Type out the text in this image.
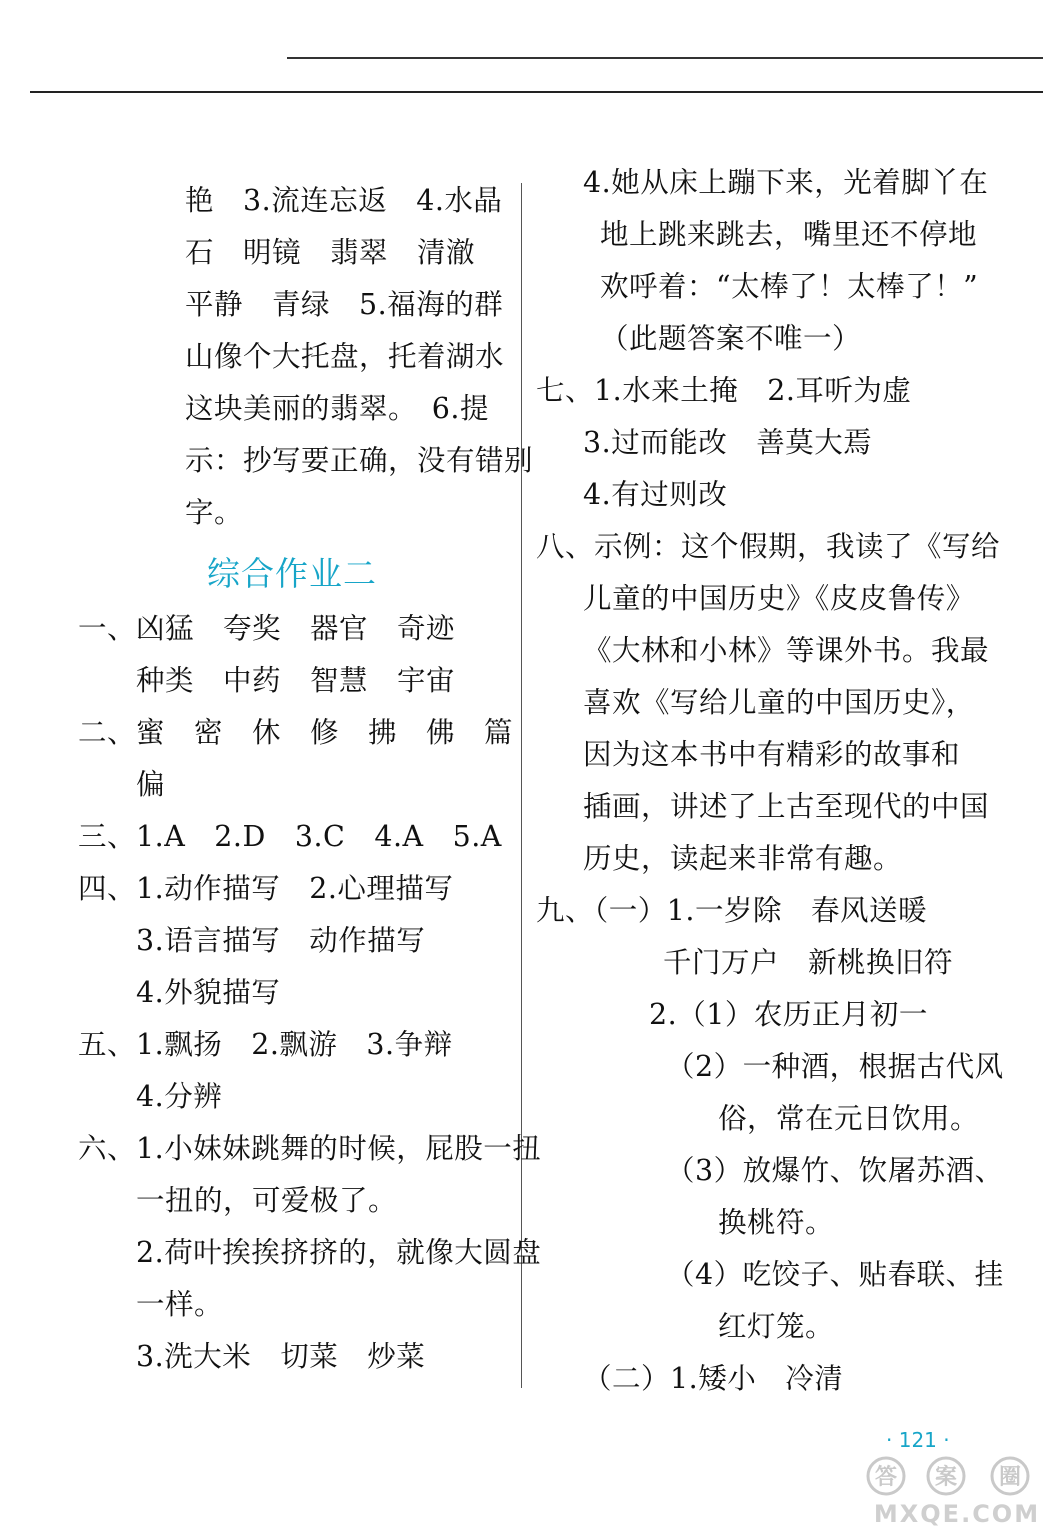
艳　3.流连忘返　4.水晶
石　明镜　翡翠　清澈
平静　青绿　5.福海的群
山像个大托盘，托着湖水
这块美丽的翡翠。　6.提
示：抄写要正确，没有错别
字。
综合作业二
一、凶猛　夸奖　器官　奇迹
　　种类　中药　智慧　宇宙
二、蜜　密　休　修　拂　佛　篇
　　偏
三、1.A　2.D　3.C　4.A　5.A
四、1.动作描写　2.心理描写
　　3.语言描写　动作描写
　　4.外貌描写
五、1.飘扬　2.飘游　3.争辩
　　4.分辨
六、1.小妹妹跳舞的时候，屁股一扭
　　一扭的，可爱极了。
　　2.荷叶挨挨挤挤的，就像大圆盘
　　一样。
　　3.洗大米　切菜　炒菜
4.她从床上蹦下来，光着脚丫在
地上跳来跳去，嘴里还不停地
欢呼着：“太棒了！太棒了！”
（此题答案不唯一）
七、1.水来土掩　2.耳听为虚
3.过而能改　善莫大焉
4.有过则改
八、示例：这个假期，我读了《写给
儿童的中国历史》《皮皮鲁传》
《大林和小林》等课外书。我最
喜欢《写给儿童的中国历史》，
因为这本书中有精彩的故事和
插画，讲述了上古至现代的中国
历史，读起来非常有趣。
九、（一）1.一岁除　春风送暖
千门万户　新桃换旧符
2.（1）农历正月初一
（2）一种酒，根据古代风
俗，常在元日饮用。
（3）放爆竹、饮屠苏酒、
换桃符。
（4）吃饺子、贴春联、挂
红灯笼。
（二）1.矮小　冷清
· 121 ·
答 案 圈
MXQE.COM
